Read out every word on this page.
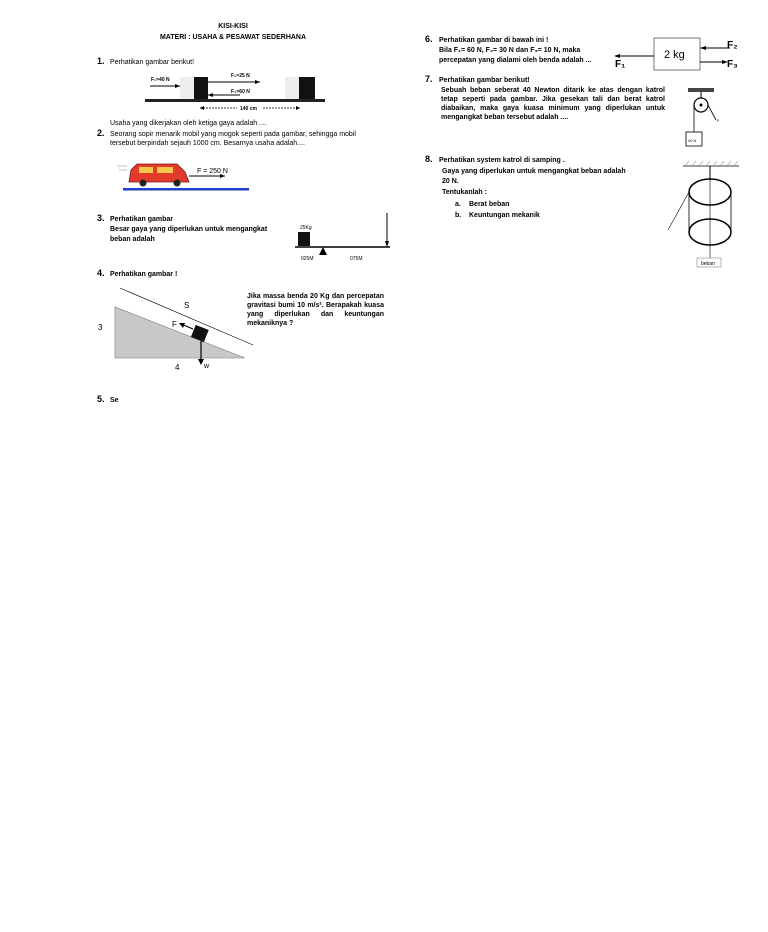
KISI-KISI
MATERI : USAHA & PESAWAT SEDERHANA
1. Perhatikan gambar berikut!
F₁=40 N
F₂=25 N
F₃=60 N
140 cm
Usaha yang dikerjakan oleh ketiga gaya adalah ....
2. Seorang sopir menarik mobil yang mogok seperti pada gambar, sehingga mobil
tersebut berpindah sejauh 1000 cm. Besarnya usaha adalah....
F = 250 N
3. Perhatikan gambar
Besar gaya yang diperlukan untuk mengangkat
beban adalah
25Kg
025M	075M
4. Perhatikan gambar !
S
F
3
4	w
Jika massa benda 20 Kg dan percepatan gravitasi bumi 10 m/s². Berapakah kuasa yang diperlukan dan keuntungan mekaniknya ?
5. Se
6. Perhatikan gambar di bawah ini !
Bila F₁= 60 N, F₂= 30 N dan F₃= 10 N, maka
percepatan yang dialami oleh benda adalah ...	2 kg
F₁
F₂
F₃
7. Perhatikan gambar berikut!
Sebuah beban seberat 40 Newton ditarik ke atas dengan katrol tetap seperti pada gambar. Jika gesekan tali dan berat katrol diabaikan, maka gaya kuasa minimum yang diperlukan untuk mengangkat beban tersebut adalah ....	F
40 N
8. Perhatikan system katrol di samping .
Gaya yang diperlukan untuk mengangkat beban adalah
20 N.
Tentukanlah :
a. Berat beban
b. Keuntungan mekanik
beban
